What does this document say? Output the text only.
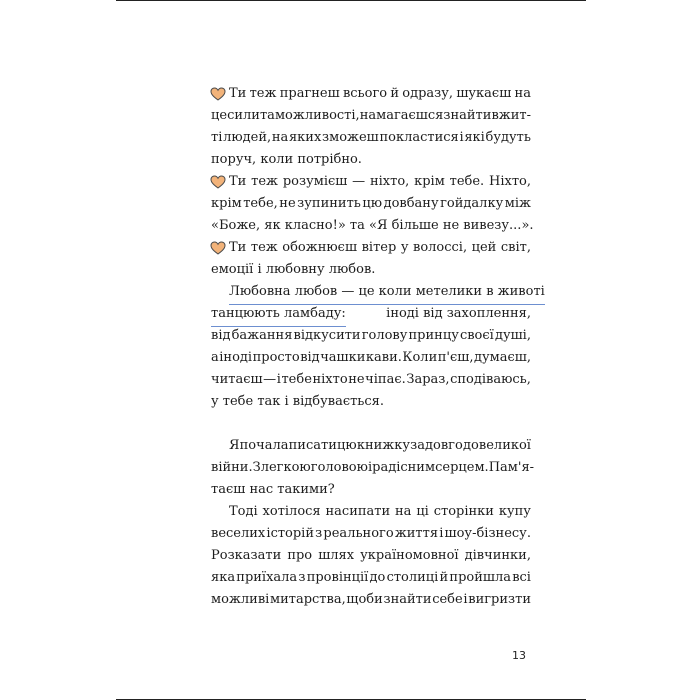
Ти теж прагнеш всього й одразу, шукаєш на
це сили та можливості, намагаєшся знайти в жит-
ті людей, на яких зможеш покластися і які будуть
поруч, коли потрібно.
Ти теж розумієш — ніхто, крім тебе. Ніхто,
крім тебе, не зупинить цю довбану гойдалку між
«Боже, як класно!» та «Я більше не вивезу...».
Ти теж обожнюєш вітер у волоссі, цей світ,
емоції і любовну любов.
Любовна любов — це коли метелики в животі
танцюють ламбаду:	іноді від захоплення,
від бажання відкусити голову принцу своєї душі,
а іноді просто від чашки кави. Коли п'єш, думаєш,
читаєш — і тебе ніхто не чіпає. Зараз, сподіваюсь,
у тебе так і відбувається.
Я почала писати цю книжку задовго до великої
війни. З легкою головою і радісним серцем. Пам'я-
таєш нас такими?
Тоді хотілося насипати на ці сторінки купу
веселих історій з реального життя і шоу-бізнесу.
Розказати про шлях україномовної дівчинки,
яка приїхала з провінції до столиці й пройшла всі
можливі митарства, щоби знайти себе і вигризти
13
